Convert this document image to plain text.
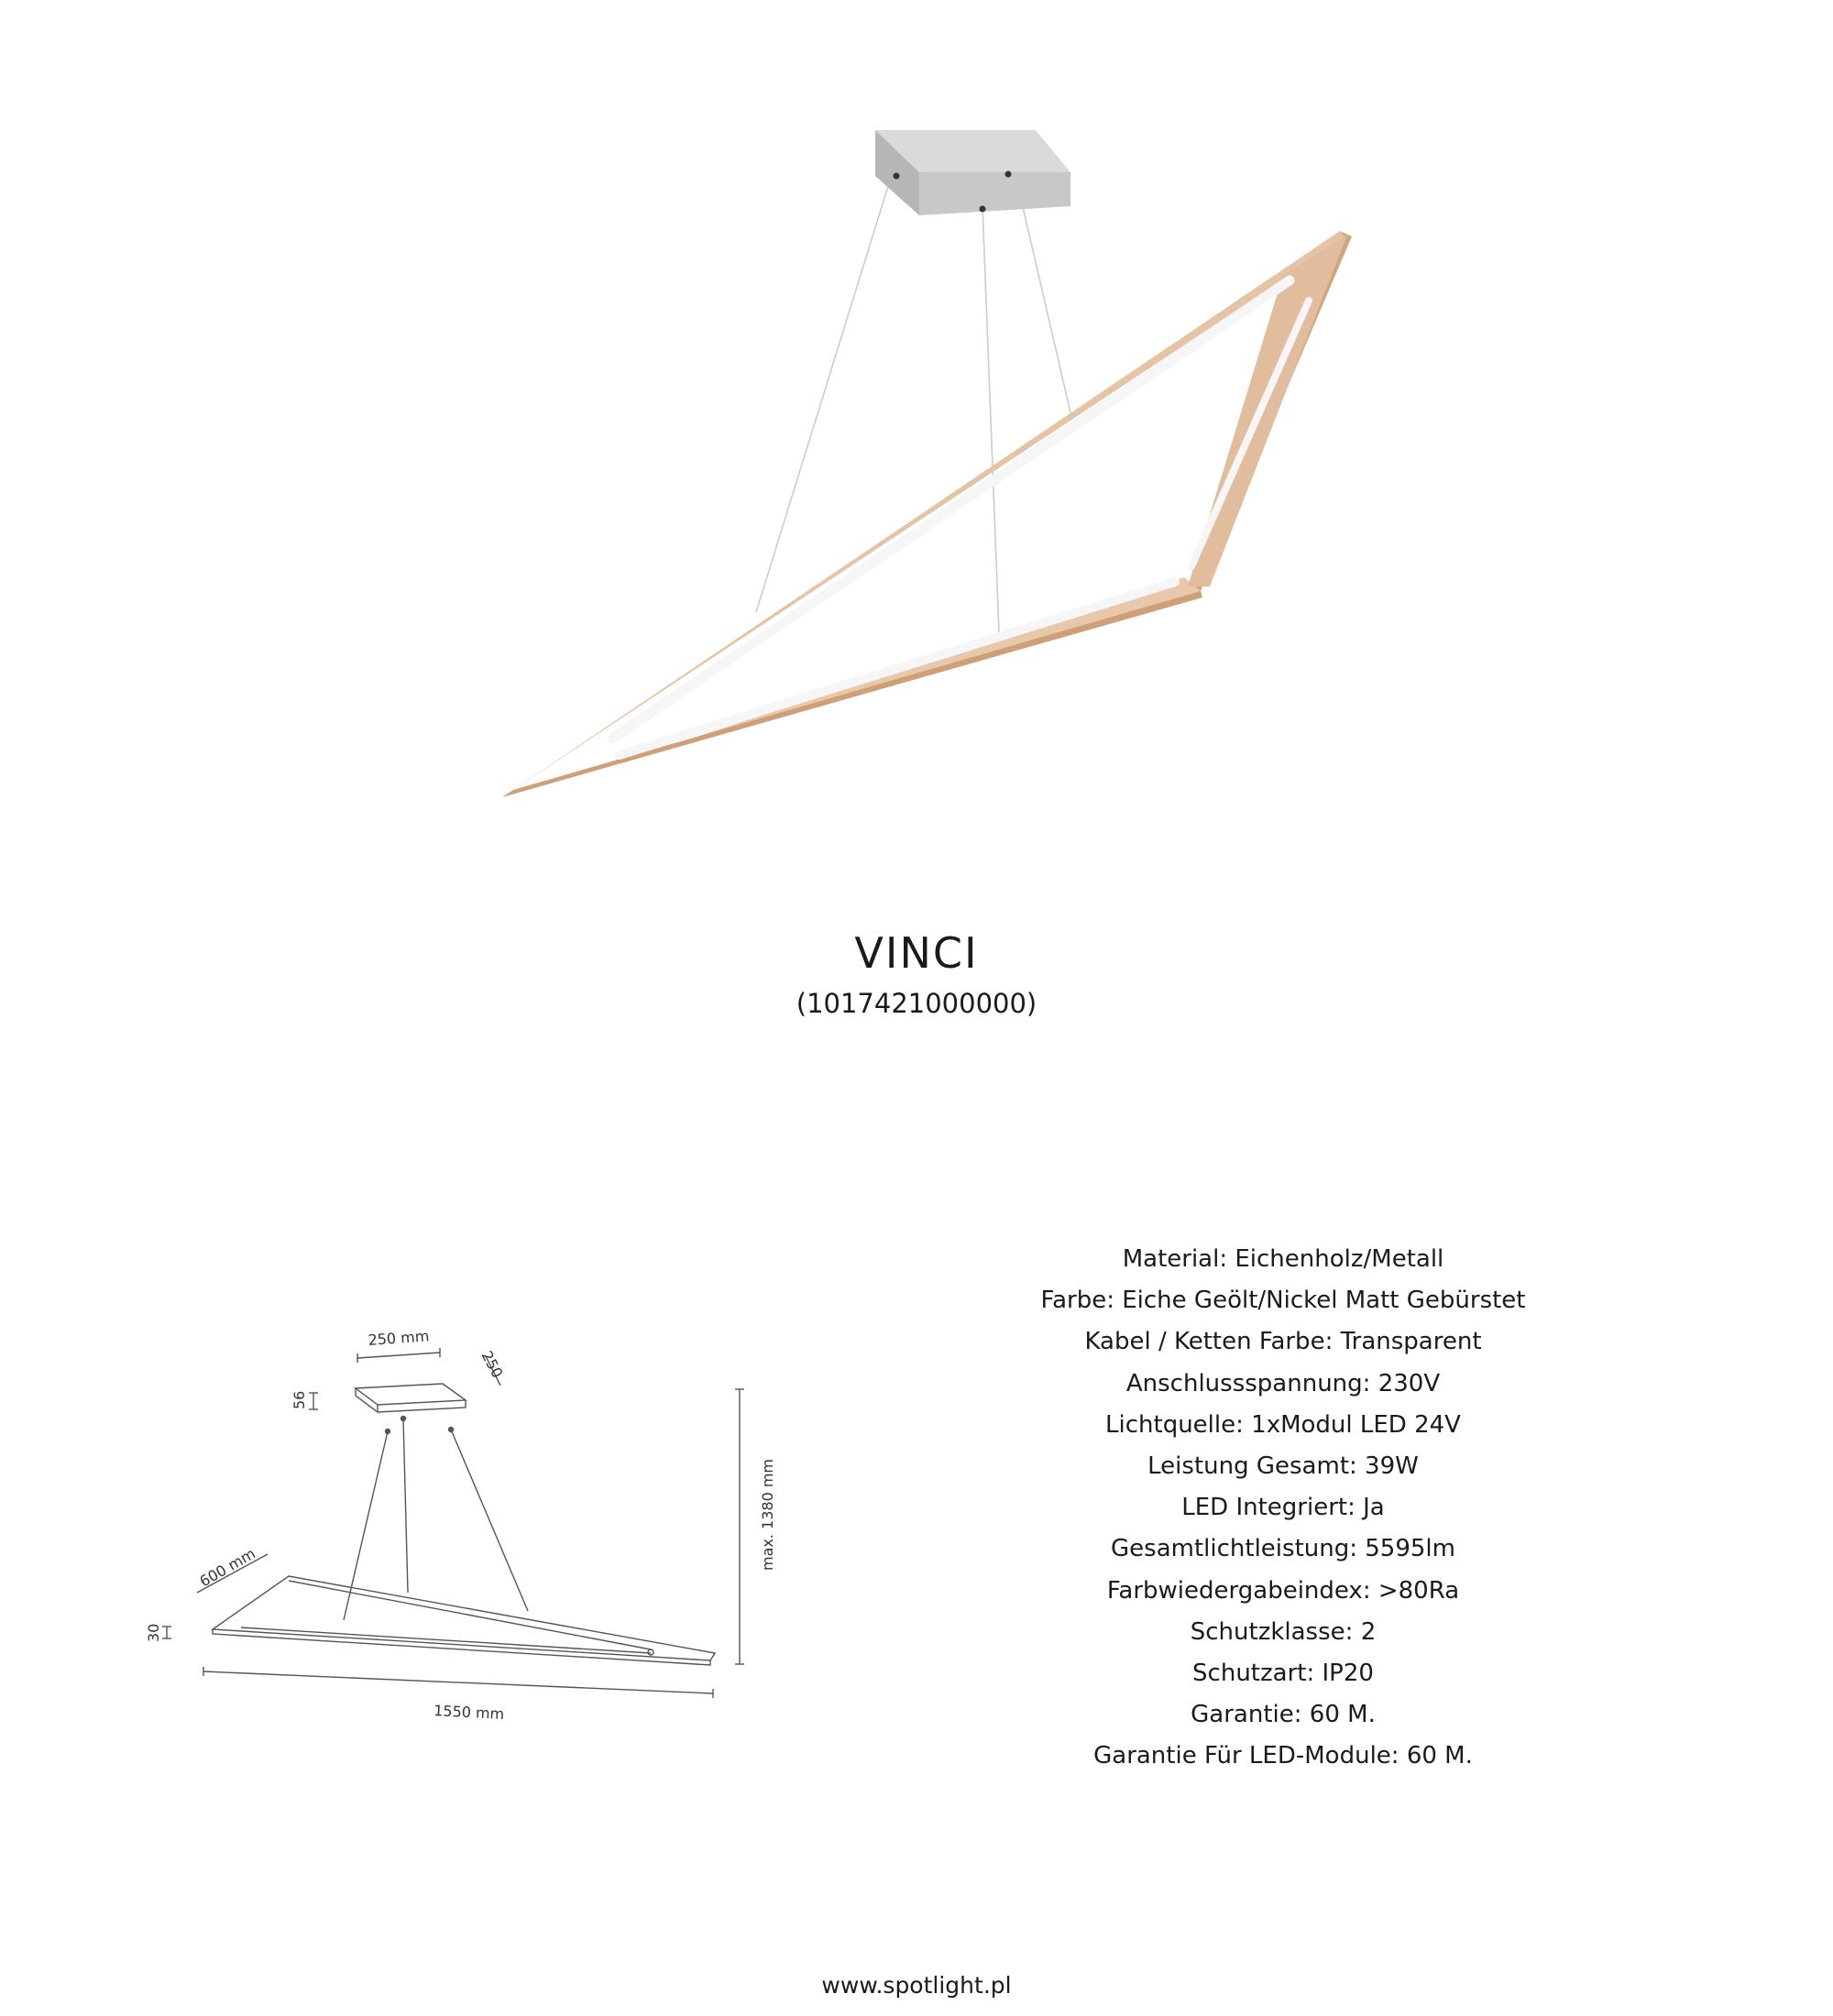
VINCI
(1017421000000)
250 mm
250
56
max. 1380 mm
600 mm
30
1550 mm
Material: Eichenholz/Metall
Farbe: Eiche Geölt/Nickel Matt Gebürstet
Kabel / Ketten Farbe: Transparent
Anschlussspannung: 230V
Lichtquelle: 1xModul LED 24V
Leistung Gesamt: 39W
LED Integriert: Ja
Gesamtlichtleistung: 5595lm
Farbwiedergabeindex: >80Ra
Schutzklasse: 2
Schutzart: IP20
Garantie: 60 M.
Garantie Für LED-Module: 60 M.
www.spotlight.pl
